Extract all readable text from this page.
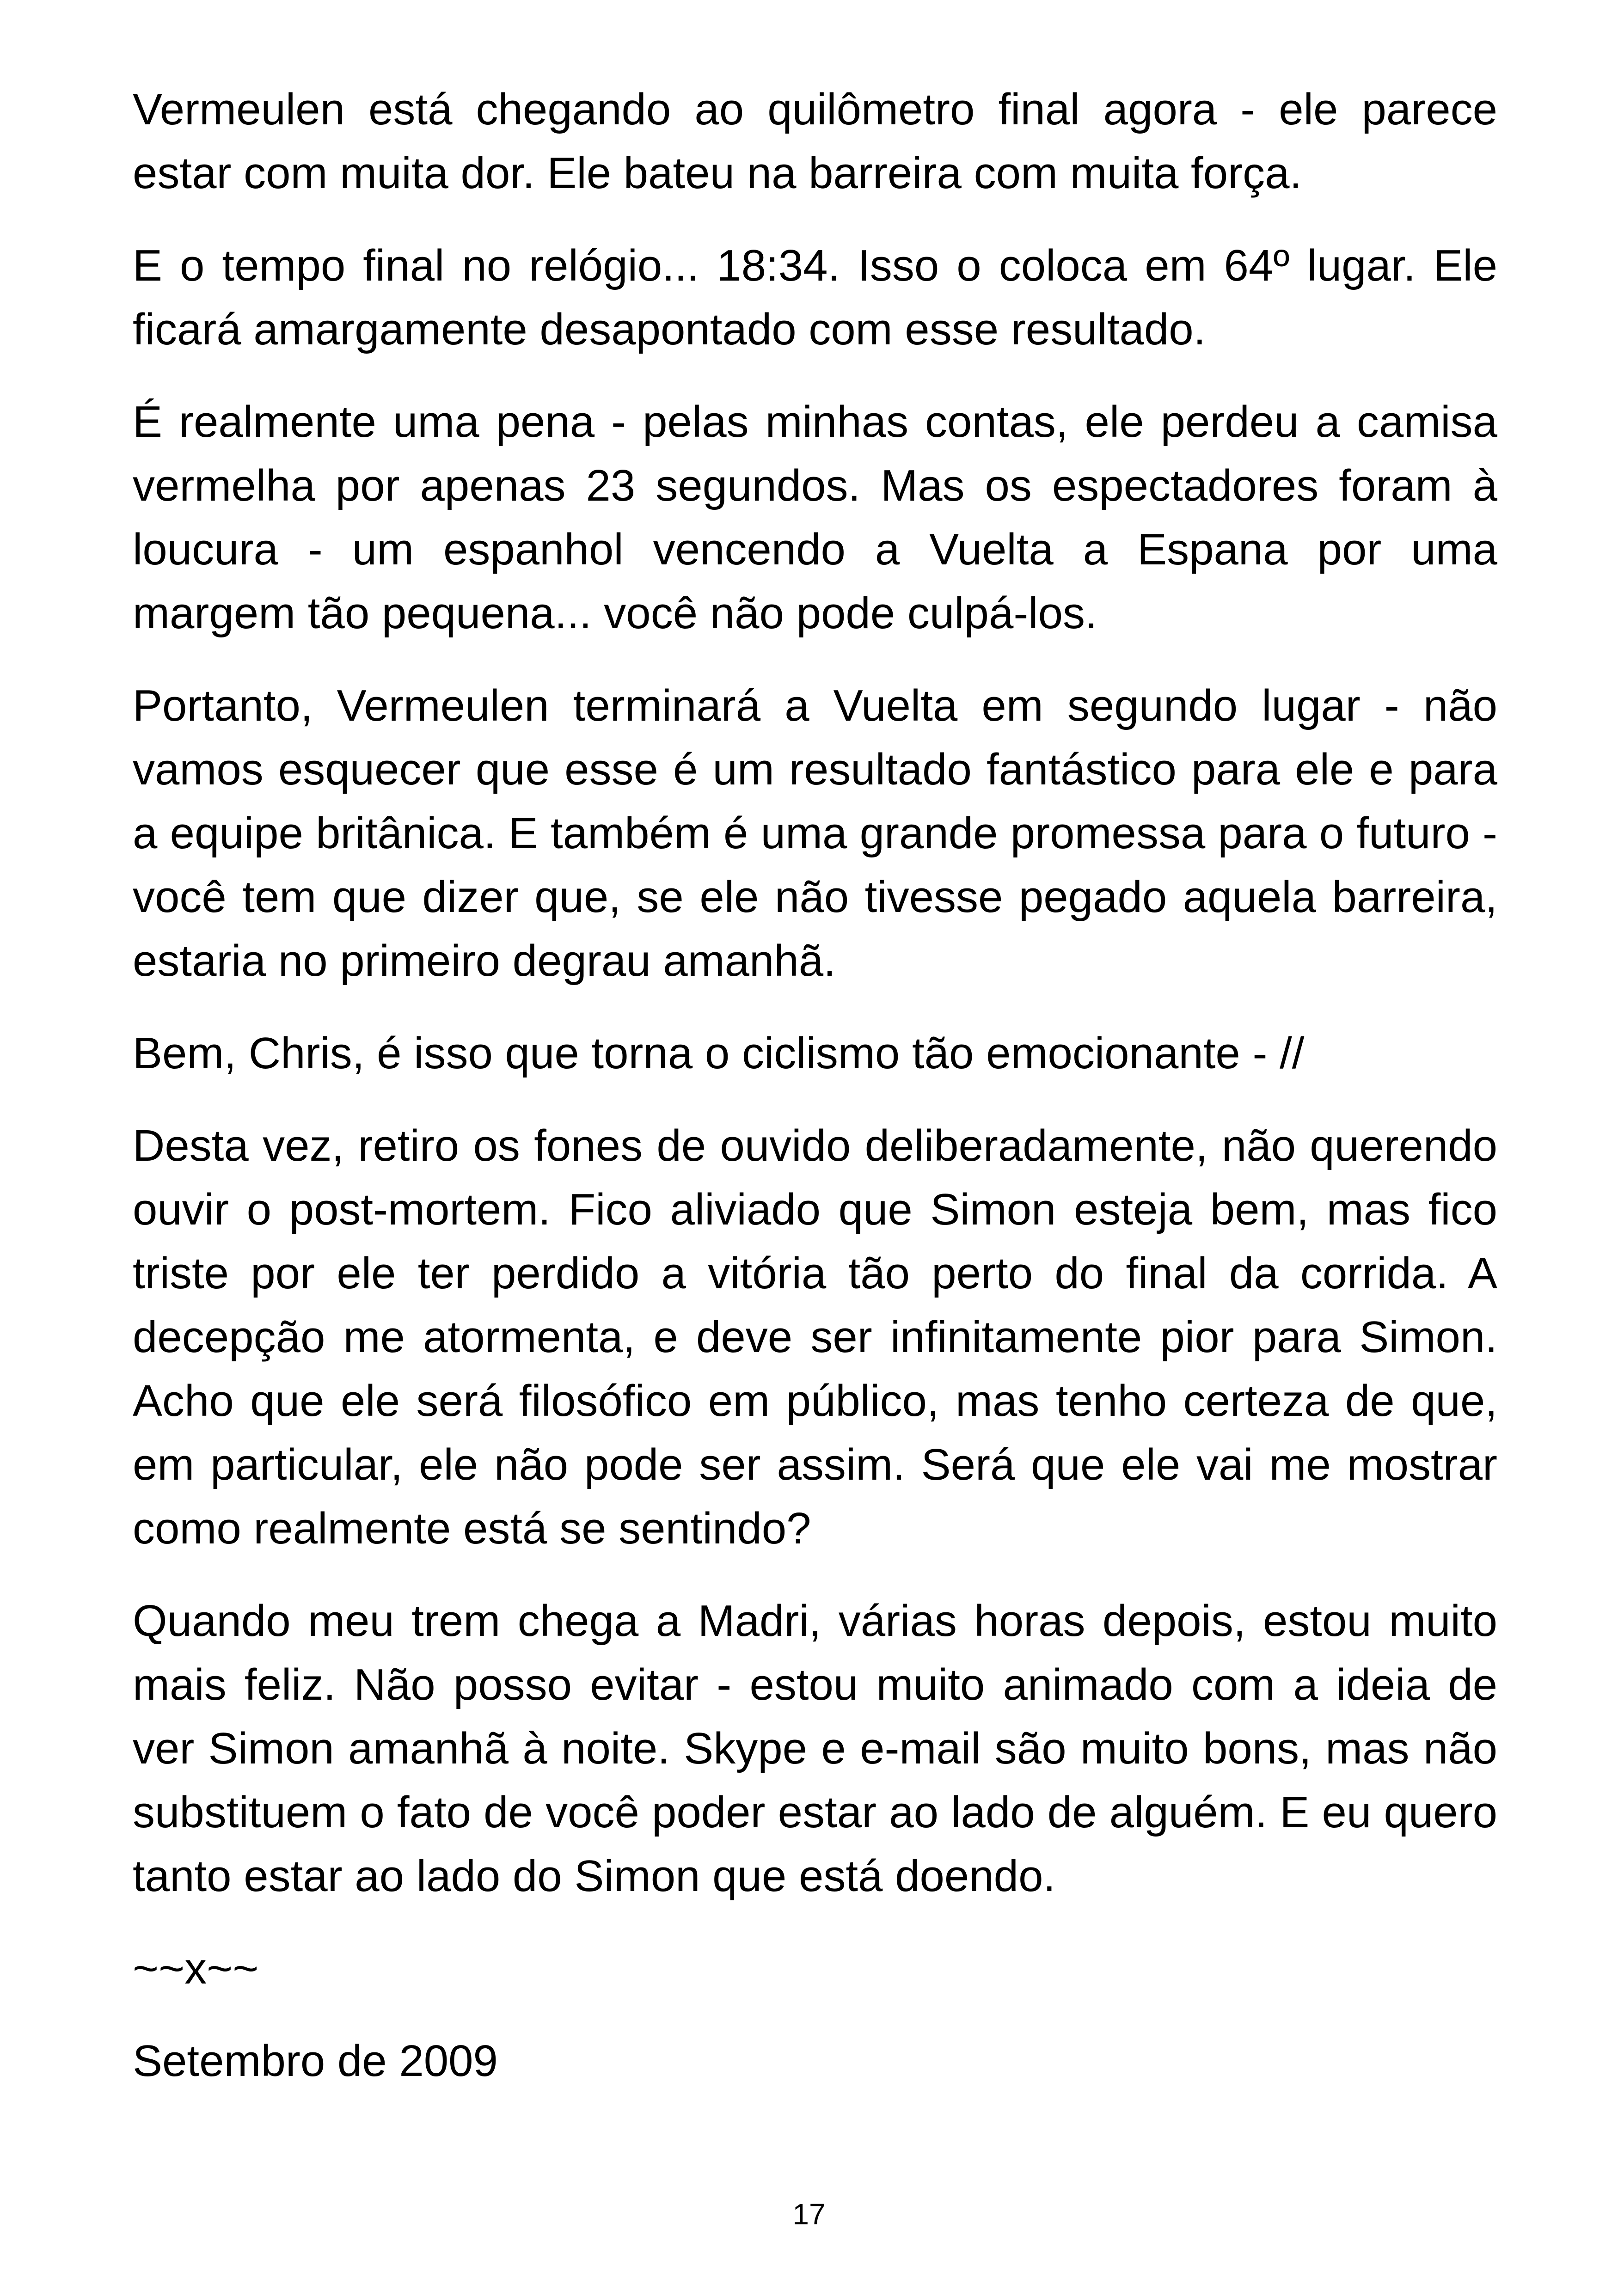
Vermeulen está chegando ao quilômetro final agora - ele parece estar com muita dor. Ele bateu na barreira com muita força.

E o tempo final no relógio... 18:34. Isso o coloca em 64º lugar. Ele ficará amargamente desapontado com esse resultado.

É realmente uma pena - pelas minhas contas, ele perdeu a camisa vermelha por apenas 23 segundos. Mas os espectadores foram à loucura - um espanhol vencendo a Vuelta a Espana por uma margem tão pequena... você não pode culpá-los.

Portanto, Vermeulen terminará a Vuelta em segundo lugar - não vamos esquecer que esse é um resultado fantástico para ele e para a equipe britânica. E também é uma grande promessa para o futuro - você tem que dizer que, se ele não tivesse pegado aquela barreira, estaria no primeiro degrau amanhã.

Bem, Chris, é isso que torna o ciclismo tão emocionante - //

Desta vez, retiro os fones de ouvido deliberadamente, não querendo ouvir o post-mortem. Fico aliviado que Simon esteja bem, mas fico triste por ele ter perdido a vitória tão perto do final da corrida. A decepção me atormenta, e deve ser infinitamente pior para Simon. Acho que ele será filosófico em público, mas tenho certeza de que, em particular, ele não pode ser assim. Será que ele vai me mostrar como realmente está se sentindo?

Quando meu trem chega a Madri, várias horas depois, estou muito mais feliz. Não posso evitar - estou muito animado com a ideia de ver Simon amanhã à noite. Skype e e-mail são muito bons, mas não substituem o fato de você poder estar ao lado de alguém. E eu quero tanto estar ao lado do Simon que está doendo.

~~x~~

Setembro de 2009

17
